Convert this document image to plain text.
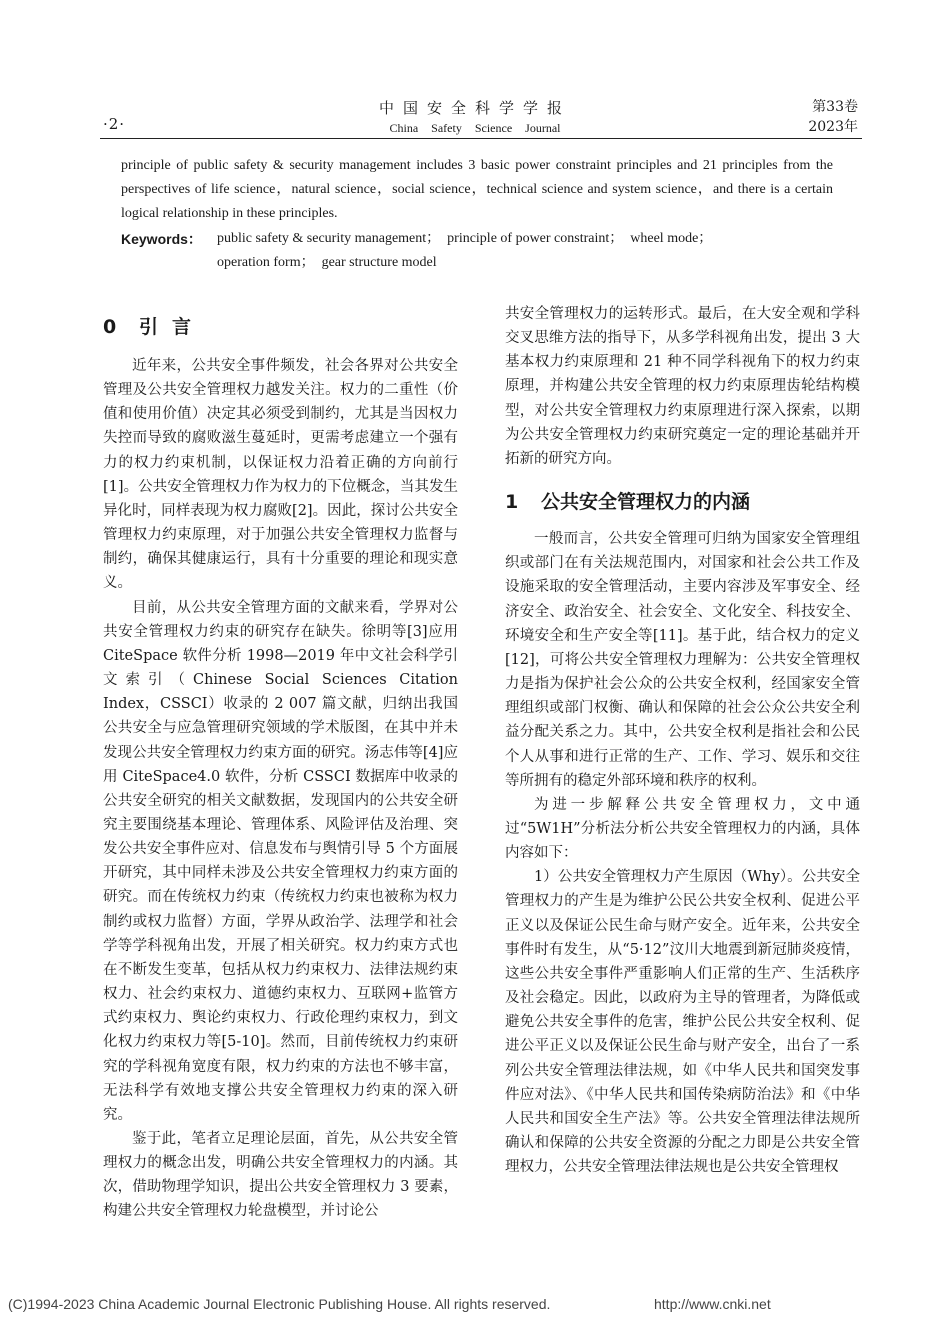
·2·
中国安全科学学报
China Safety Science Journal
第33卷
2023年
principle of public safety & security management includes 3 basic power constraint principles and 21 principles from the perspectives of life science，natural science，social science，technical science and system science，and there is a certain logical relationship in these principles.
Keywords：	public safety & security management；　principle of power constraint；　wheel mode；
operation form；　gear structure model
0 引言

近年来，公共安全事件频发，社会各界对公共安全管理及公共安全管理权力越发关注。权力的二重性（价值和使用价值）决定其必须受到制约，尤其是当因权力失控而导致的腐败滋生蔓延时，更需考虑建立一个强有力的权力约束机制，以保证权力沿着正确的方向前行[1]。公共安全管理权力作为权力的下位概念，当其发生异化时，同样表现为权力腐败[2]。因此，探讨公共安全管理权力约束原理，对于加强公共安全管理权力监督与制约，确保其健康运行，具有十分重要的理论和现实意义。

目前，从公共安全管理方面的文献来看，学界对公共安全管理权力约束的研究存在缺失。徐明等[3]应用 CiteSpace 软件分析 1998—2019 年中文社会科学引文索引（Chinese Social Sciences Citation Index，CSSCI）收录的 2 007 篇文献，归纳出我国公共安全与应急管理研究领域的学术版图，在其中并未发现公共安全管理权力约束方面的研究。汤志伟等[4]应用 CiteSpace4.0 软件，分析 CSSCI 数据库中收录的公共安全研究的相关文献数据，发现国内的公共安全研究主要围绕基本理论、管理体系、风险评估及治理、突发公共安全事件应对、信息发布与舆情引导 5 个方面展开研究，其中同样未涉及公共安全管理权力约束方面的研究。而在传统权力约束（传统权力约束也被称为权力制约或权力监督）方面，学界从政治学、法理学和社会学等学科视角出发，开展了相关研究。权力约束方式也在不断发生变革，包括从权力约束权力、法律法规约束权力、社会约束权力、道德约束权力、互联网+监管方式约束权力、舆论约束权力、行政伦理约束权力，到文化权力约束权力等[5-10]。然而，目前传统权力约束研究的学科视角宽度有限，权力约束的方法也不够丰富，无法科学有效地支撑公共安全管理权力约束的深入研究。

鉴于此，笔者立足理论层面，首先，从公共安全管理权力的概念出发，明确公共安全管理权力的内涵。其次，借助物理学知识，提出公共安全管理权力 3 要素，构建公共安全管理权力轮盘模型，并讨论公

共安全管理权力的运转形式。最后，在大安全观和学科交叉思维方法的指导下，从多学科视角出发，提出 3 大基本权力约束原理和 21 种不同学科视角下的权力约束原理，并构建公共安全管理的权力约束原理齿轮结构模型，对公共安全管理权力约束原理进行深入探索，以期为公共安全管理权力约束研究奠定一定的理论基础并开拓新的研究方向。

1 公共安全管理权力的内涵

一般而言，公共安全管理可归纳为国家安全管理组织或部门在有关法规范围内，对国家和社会公共工作及设施采取的安全管理活动，主要内容涉及军事安全、经济安全、政治安全、社会安全、文化安全、科技安全、环境安全和生产安全等[11]。基于此，结合权力的定义[12]，可将公共安全管理权力理解为：公共安全管理权力是指为保护社会公众的公共安全权利，经国家安全管理组织或部门权衡、确认和保障的社会公众公共安全利益分配关系之力。其中，公共安全权利是指社会和公民个人从事和进行正常的生产、工作、学习、娱乐和交往等所拥有的稳定外部环境和秩序的权利。

为进一步解释公共安全管理权力，文中通过“5W1H”分析法分析公共安全管理权力的内涵，具体内容如下：

1）公共安全管理权力产生原因（Why）。公共安全管理权力的产生是为维护公民公共安全权利、促进公平正义以及保证公民生命与财产安全。近年来，公共安全事件时有发生，从“5·12”汶川大地震到新冠肺炎疫情，这些公共安全事件严重影响人们正常的生产、生活秩序及社会稳定。因此，以政府为主导的管理者，为降低或避免公共安全事件的危害，维护公民公共安全权利、促进公平正义以及保证公民生命与财产安全，出台了一系列公共安全管理法律法规，如《中华人民共和国突发事件应对法》、《中华人民共和国传染病防治法》和《中华人民共和国安全生产法》等。公共安全管理法律法规所确认和保障的公共安全资源的分配之力即是公共安全管理权力，公共安全管理法律法规也是公共安全管理权

(C)1994-2023 China Academic Journal Electronic Publishing House. All rights reserved.	http://www.cnki.net
